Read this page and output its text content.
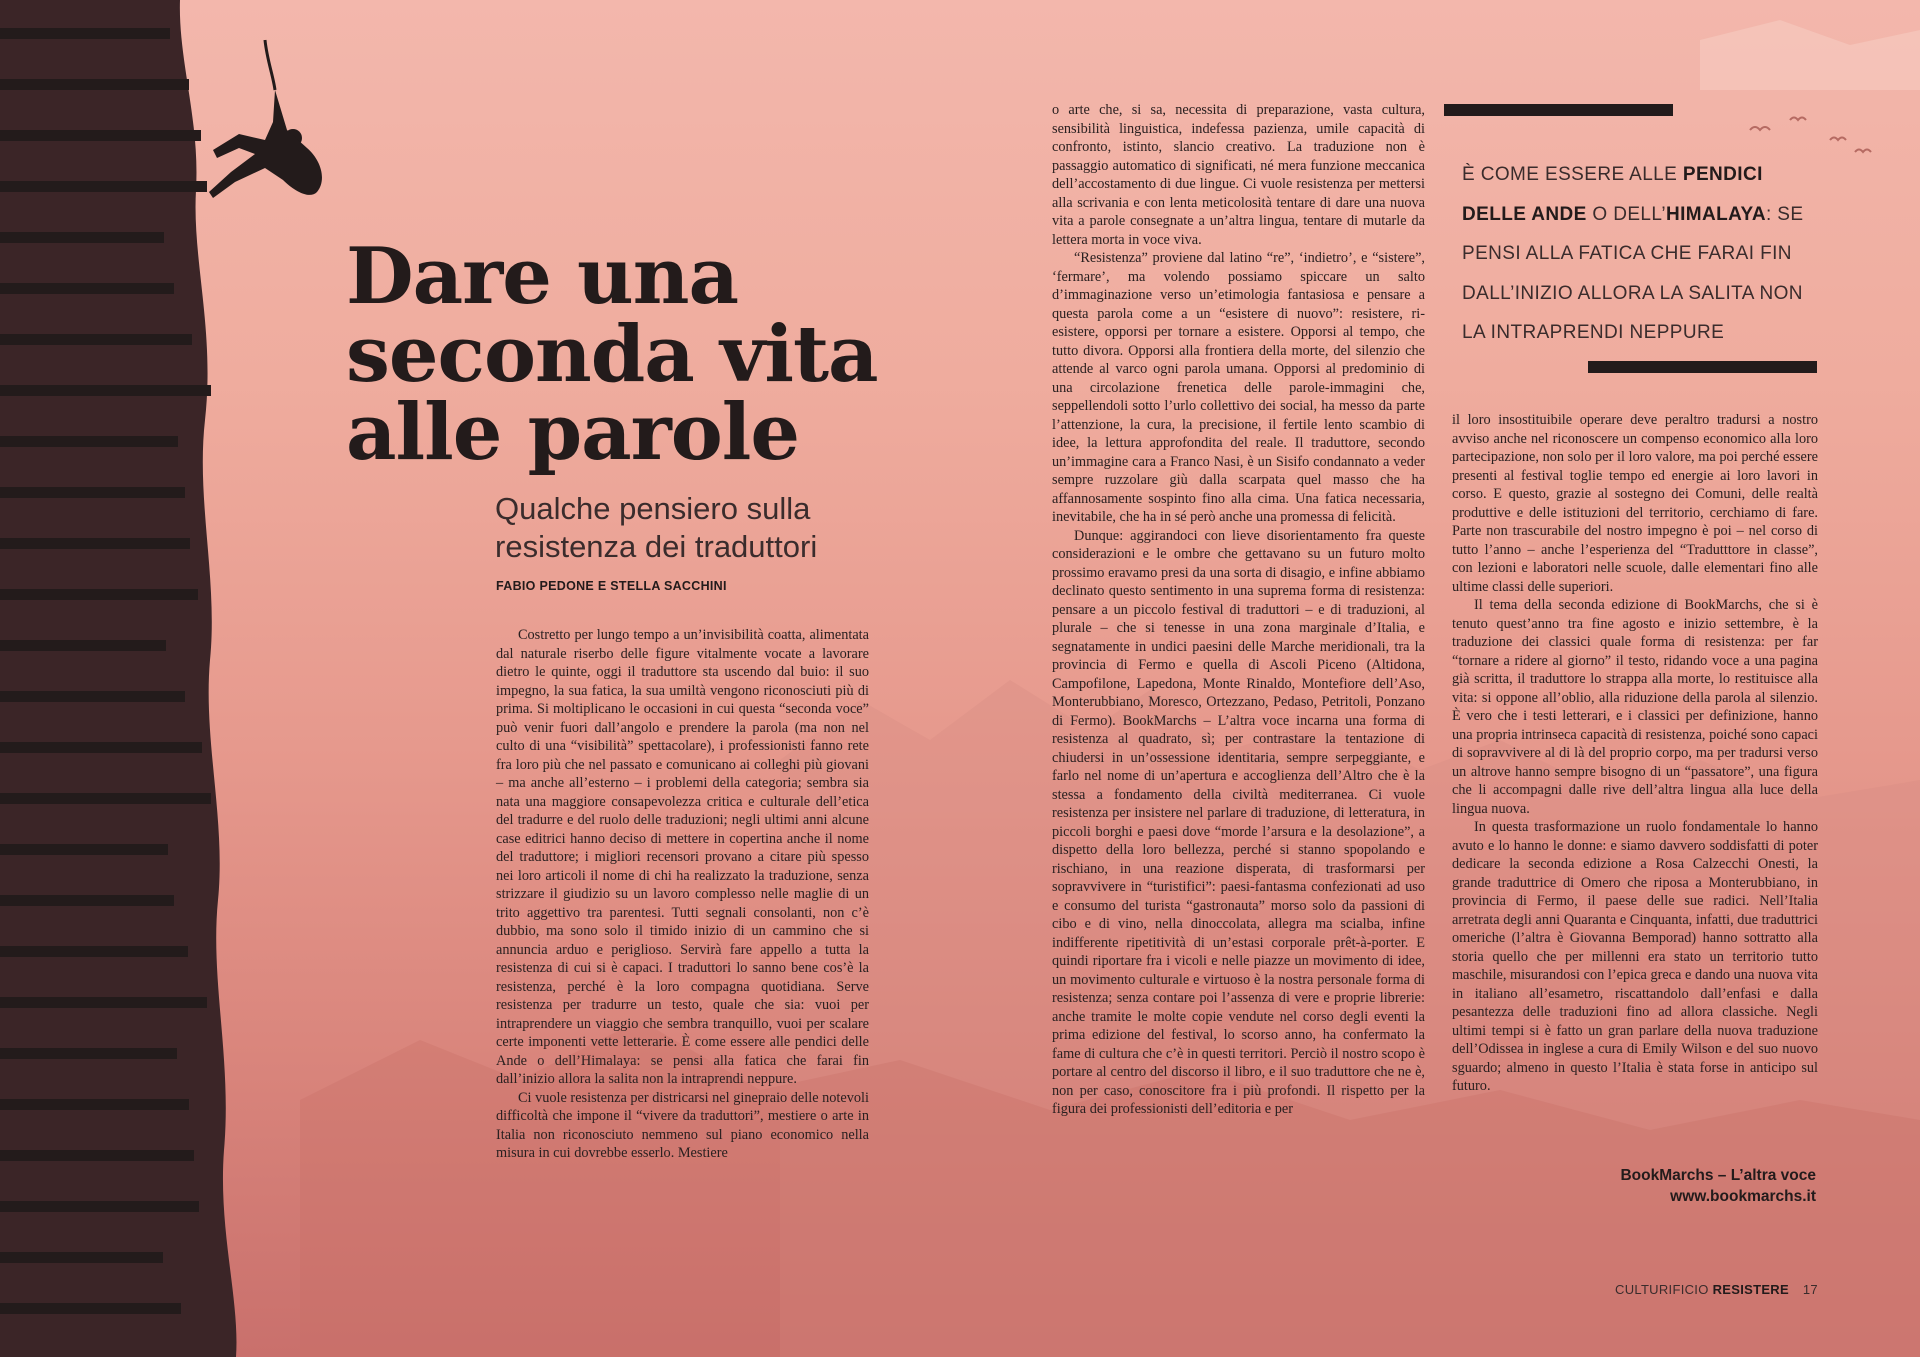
Dare una
seconda vita
alle parole
Qualche pensiero sulla
resistenza dei traduttori

FABIO PEDONE E STELLA SACCHINI

Costretto per lungo tempo a un’invisibilità coatta, alimentata dal naturale riserbo delle figure vitalmente vocate a lavorare dietro le quinte, oggi il traduttore sta uscendo dal buio: il suo impegno, la sua fatica, la sua umiltà vengono riconosciuti più di prima. Si moltiplicano le occasioni in cui questa “seconda voce” può venir fuori dall’angolo e prendere la parola (ma non nel culto di una “visibilità” spettacolare), i professionisti fanno rete fra loro più che nel passato e comunicano ai colleghi più giovani – ma anche all’esterno – i problemi della categoria; sembra sia nata una maggiore consapevolezza critica e culturale dell’etica del tradurre e del ruolo delle traduzioni; negli ultimi anni alcune case editrici hanno deciso di mettere in copertina anche il nome del traduttore; i migliori recensori provano a citare più spesso nei loro articoli il nome di chi ha realizzato la traduzione, senza strizzare il giudizio su un lavoro complesso nelle maglie di un trito aggettivo tra parentesi. Tutti segnali consolanti, non c’è dubbio, ma sono solo il timido inizio di un cammino che si annuncia arduo e periglioso. Servirà fare appello a tutta la resistenza di cui si è capaci. I traduttori lo sanno bene cos’è la resistenza, perché è la loro compagna quotidiana. Serve resistenza per tradurre un testo, quale che sia: vuoi per intraprendere un viaggio che sembra tranquillo, vuoi per scalare certe imponenti vette letterarie. È come essere alle pendici delle Ande o dell’Himalaya: se pensi alla fatica che farai fin dall’inizio allora la salita non la intraprendi neppure.

Ci vuole resistenza per districarsi nel ginepraio delle notevoli difficoltà che impone il “vivere da traduttori”, mestiere o arte in Italia non riconosciuto nemmeno sul piano economico nella misura in cui dovrebbe esserlo. Mestiere

o arte che, si sa, necessita di preparazione, vasta cultura, sensibilità linguistica, indefessa pazienza, umile capacità di confronto, istinto, slancio creativo. La traduzione non è passaggio automatico di significati, né mera funzione meccanica dell’accostamento di due lingue. Ci vuole resistenza per mettersi alla scrivania e con lenta meticolosità tentare di dare una nuova vita a parole consegnate a un’altra lingua, tentare di mutarle da lettera morta in voce viva.

“Resistenza” proviene dal latino “re”, ‘indietro’, e “sistere”, ‘fermare’, ma volendo possiamo spiccare un salto d’immaginazione verso un’etimologia fantasiosa e pensare a questa parola come a un “esistere di nuovo”: resistere, ri-esistere, opporsi per tornare a esistere. Opporsi al tempo, che tutto divora. Opporsi alla frontiera della morte, del silenzio che attende al varco ogni parola umana. Opporsi al predominio di una circolazione frenetica delle parole-immagini che, seppellendoli sotto l’urlo collettivo dei social, ha messo da parte l’attenzione, la cura, la precisione, il fertile lento scambio di idee, la lettura approfondita del reale. Il traduttore, secondo un’immagine cara a Franco Nasi, è un Sisifo condannato a veder sempre ruzzolare giù dalla scarpata quel masso che ha affannosamente sospinto fino alla cima. Una fatica necessaria, inevitabile, che ha in sé però anche una promessa di felicità.

Dunque: aggirandoci con lieve disorientamento fra queste considerazioni e le ombre che gettavano su un futuro molto prossimo eravamo presi da una sorta di disagio, e infine abbiamo declinato questo sentimento in una suprema forma di resistenza: pensare a un piccolo festival di traduttori – e di traduzioni, al plurale – che si tenesse in una zona marginale d’Italia, e segnatamente in undici paesini delle Marche meridionali, tra la provincia di Fermo e quella di Ascoli Piceno (Altidona, Campofilone, Lapedona, Monte Rinaldo, Montefiore dell’Aso, Monterubbiano, Moresco, Ortezzano, Pedaso, Petritoli, Ponzano di Fermo). BookMarchs – L’altra voce incarna una forma di resistenza al quadrato, sì; per contrastare la tentazione di chiudersi in un’ossessione identitaria, sempre serpeggiante, e farlo nel nome di un’apertura e accoglienza dell’Altro che è la stessa a fondamento della civiltà mediterranea. Ci vuole resistenza per insistere nel parlare di traduzione, di letteratura, in piccoli borghi e paesi dove “morde l’arsura e la desolazione”, a dispetto della loro bellezza, perché si stanno spopolando e rischiano, in una reazione disperata, di trasformarsi per sopravvivere in “turistifici”: paesi-fantasma confezionati ad uso e consumo del turista “gastronauta” morso solo da passioni di cibo e di vino, nella dinoccolata, allegra ma scialba, infine indifferente ripetitività di un’estasi corporale prêt-à-porter. E quindi riportare fra i vicoli e nelle piazze un movimento di idee, un movimento culturale e virtuoso è la nostra personale forma di resistenza; senza contare poi l’assenza di vere e proprie librerie: anche tramite le molte copie vendute nel corso degli eventi la prima edizione del festival, lo scorso anno, ha confermato la fame di cultura che c’è in questi territori. Perciò il nostro scopo è portare al centro del discorso il libro, e il suo traduttore che ne è, non per caso, conoscitore fra i più profondi. Il rispetto per la figura dei professionisti dell’editoria e per

È COME ESSERE ALLE PENDICI DELLE ANDE O DELL’HIMALAYA: SE PENSI ALLA FATICA CHE FARAI FIN DALL’INIZIO ALLORA LA SALITA NON LA INTRAPRENDI NEPPURE

il loro insostituibile operare deve peraltro tradursi a nostro avviso anche nel riconoscere un compenso economico alla loro partecipazione, non solo per il loro valore, ma poi perché essere presenti al festival toglie tempo ed energie ai loro lavori in corso. E questo, grazie al sostegno dei Comuni, delle realtà produttive e delle istituzioni del territorio, cerchiamo di fare. Parte non trascurabile del nostro impegno è poi – nel corso di tutto l’anno – anche l’esperienza del “Tradutttore in classe”, con lezioni e laboratori nelle scuole, dalle elementari fino alle ultime classi delle superiori.

Il tema della seconda edizione di BookMarchs, che si è tenuto quest’anno tra fine agosto e inizio settembre, è la traduzione dei classici quale forma di resistenza: per far “tornare a ridere al giorno” il testo, ridando voce a una pagina già scritta, il traduttore lo strappa alla morte, lo restituisce alla vita: si oppone all’oblio, alla riduzione della parola al silenzio. È vero che i testi letterari, e i classici per definizione, hanno una propria intrinseca capacità di resistenza, poiché sono capaci di sopravvivere al di là del proprio corpo, ma per tradursi verso un altrove hanno sempre bisogno di un “passatore”, una figura che li accompagni dalle rive dell’altra lingua alla luce della lingua nuova.

In questa trasformazione un ruolo fondamentale lo hanno avuto e lo hanno le donne: e siamo davvero soddisfatti di poter dedicare la seconda edizione a Rosa Calzecchi Onesti, la grande traduttrice di Omero che riposa a Monterubbiano, in provincia di Fermo, il paese delle sue radici. Nell’Italia arretrata degli anni Quaranta e Cinquanta, infatti, due traduttrici omeriche (l’altra è Giovanna Bemporad) hanno sottratto alla storia quello che per millenni era stato un territorio tutto maschile, misurandosi con l’epica greca e dando una nuova vita in italiano all’esametro, riscattandolo dall’enfasi e dalla pesantezza delle traduzioni fino ad allora classiche. Negli ultimi tempi si è fatto un gran parlare della nuova traduzione dell’Odissea in inglese a cura di Emily Wilson e del suo nuovo sguardo; almeno in questo l’Italia è stata forse in anticipo sul futuro.

BookMarchs – L’altra voce
www.bookmarchs.it
CULTURIFICIO RESISTERE 17
